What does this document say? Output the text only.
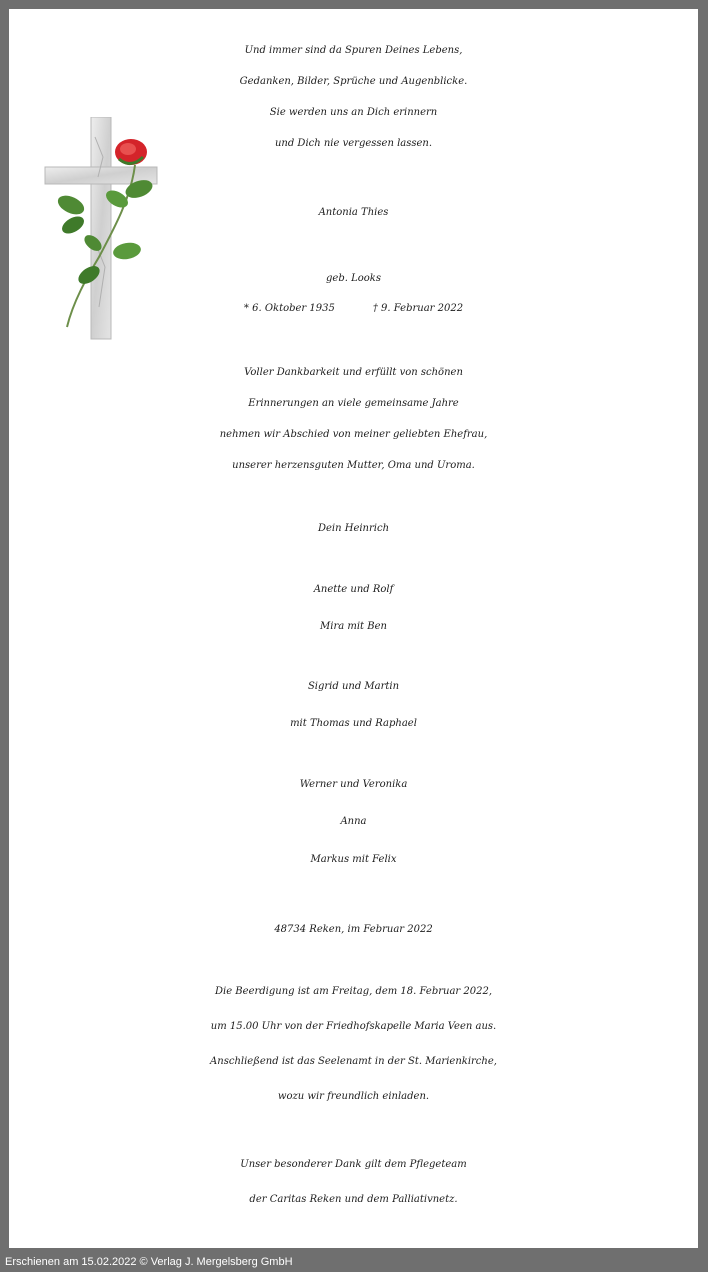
Und immer sind da Spuren Deines Lebens,
Gedanken, Bilder, Sprüche und Augenblicke.
Sie werden uns an Dich erinnern
und Dich nie vergessen lassen.
Antonia Thies
geb. Looks
* 6. Oktober 1935	† 9. Februar 2022
Voller Dankbarkeit und erfüllt von schönen
Erinnerungen an viele gemeinsame Jahre
nehmen wir Abschied von meiner geliebten Ehefrau,
unserer herzensguten Mutter, Oma und Uroma.
Dein Heinrich
Anette und Rolf
Mira mit Ben
Sigrid und Martin
mit Thomas und Raphael
Werner und Veronika
Anna
Markus mit Felix
48734 Reken, im Februar 2022
Die Beerdigung ist am Freitag, dem 18. Februar 2022,
um 15.00 Uhr von der Friedhofskapelle Maria Veen aus.
Anschließend ist das Seelenamt in der St. Marienkirche,
wozu wir freundlich einladen.
Unser besonderer Dank gilt dem Pflegeteam
der Caritas Reken und dem Palliativnetz.
Erschienen am 15.02.2022 © Verlag J. Mergelsberg GmbH
